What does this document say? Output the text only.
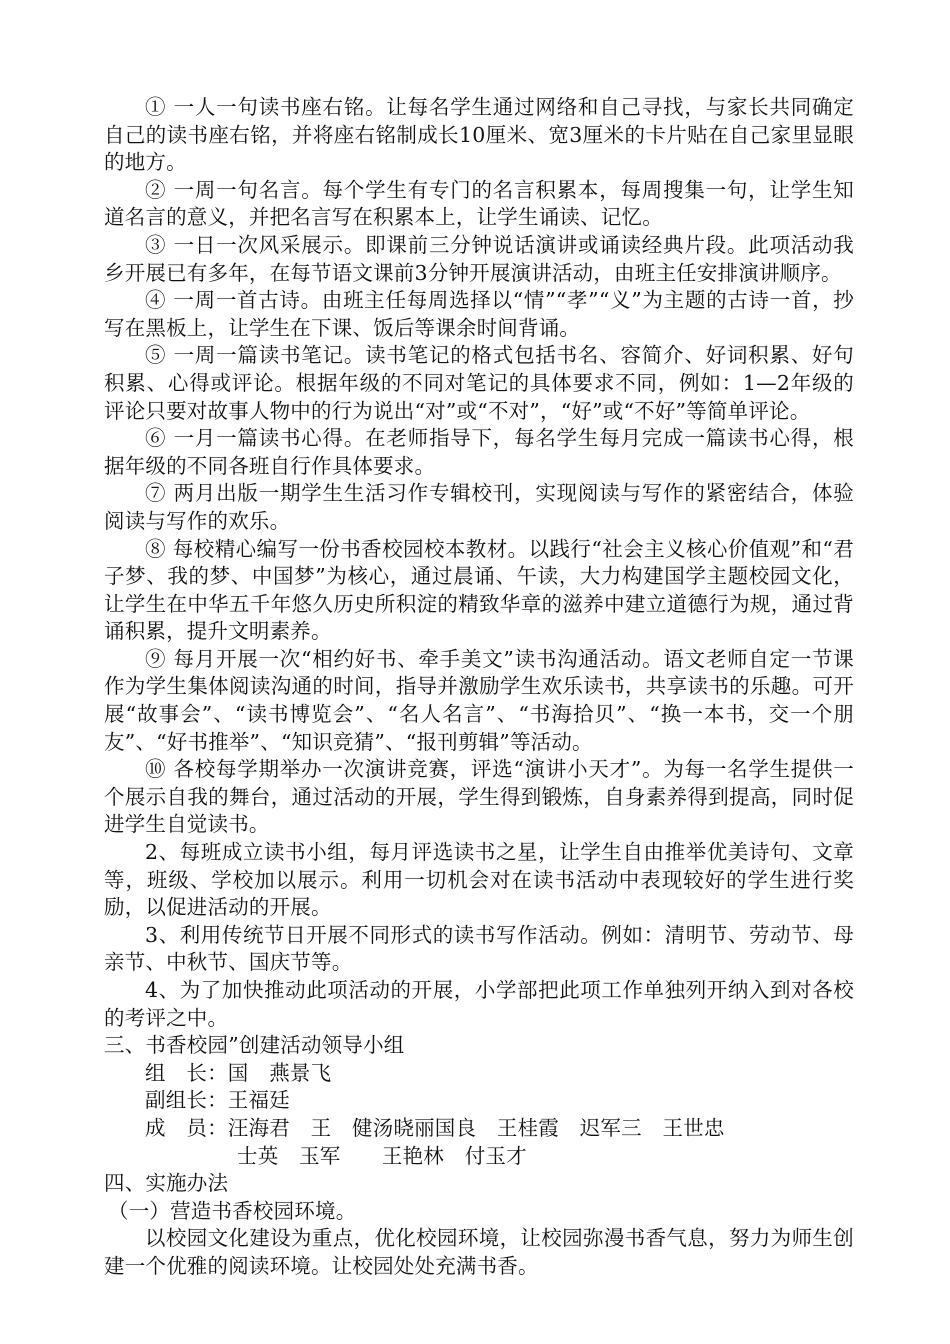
① 一人一句读书座右铭。让每名学生通过网络和自己寻找，与家长共同确定自己的读书座右铭，并将座右铭制成长10厘米、宽3厘米的卡片贴在自己家里显眼的地方。

② 一周一句名言。每个学生有专门的名言积累本，每周搜集一句，让学生知道名言的意义，并把名言写在积累本上，让学生诵读、记忆。

③ 一日一次风采展示。即课前三分钟说话演讲或诵读经典片段。此项活动我乡开展已有多年，在每节语文课前3分钟开展演讲活动，由班主任安排演讲顺序。

④ 一周一首古诗。由班主任每周选择以“情”“孝”“义”为主题的古诗一首，抄写在黑板上，让学生在下课、饭后等课余时间背诵。

⑤ 一周一篇读书笔记。读书笔记的格式包括书名、容简介、好词积累、好句积累、心得或评论。根据年级的不同对笔记的具体要求不同，例如：1—2年级的评论只要对故事人物中的行为说出“对”或“不对”，“好”或“不好”等简单评论。

⑥ 一月一篇读书心得。在老师指导下，每名学生每月完成一篇读书心得，根据年级的不同各班自行作具体要求。

⑦ 两月出版一期学生生活习作专辑校刊，实现阅读与写作的紧密结合，体验阅读与写作的欢乐。

⑧ 每校精心编写一份书香校园校本教材。以践行“社会主义核心价值观”和“君子梦、我的梦、中国梦”为核心，通过晨诵、午读，大力构建国学主题校园文化，让学生在中华五千年悠久历史所积淀的精致华章的滋养中建立道德行为规，通过背诵积累，提升文明素养。

⑨ 每月开展一次“相约好书、牵手美文”读书沟通活动。语文老师自定一节课作为学生集体阅读沟通的时间，指导并激励学生欢乐读书，共享读书的乐趣。可开展“故事会”、“读书博览会”、“名人名言”、“书海拾贝”、“换一本书，交一个朋友”、“好书推举”、“知识竞猜”、“报刊剪辑”等活动。

⑩ 各校每学期举办一次演讲竞赛，评选“演讲小天才”。为每一名学生提供一个展示自我的舞台，通过活动的开展，学生得到锻炼，自身素养得到提高，同时促进学生自觉读书。

2、每班成立读书小组，每月评选读书之星，让学生自由推举优美诗句、文章等，班级、学校加以展示。利用一切机会对在读书活动中表现较好的学生进行奖励，以促进活动的开展。

3、利用传统节日开展不同形式的读书写作活动。例如：清明节、劳动节、母亲节、中秋节、国庆节等。

4、为了加快推动此项活动的开展，小学部把此项工作单独列开纳入到对各校的考评之中。

三、书香校园”创建活动领导小组

组　长：国　燕景飞

副组长：王福廷

成　员：汪海君　王　健汤晓丽国良　王桂霞　迟军三　王世忠

士英　玉军　　王艳林　付玉才

四、实施办法

（一）营造书香校园环境。

以校园文化建设为重点，优化校园环境，让校园弥漫书香气息，努力为师生创建一个优雅的阅读环境。让校园处处充满书香。
